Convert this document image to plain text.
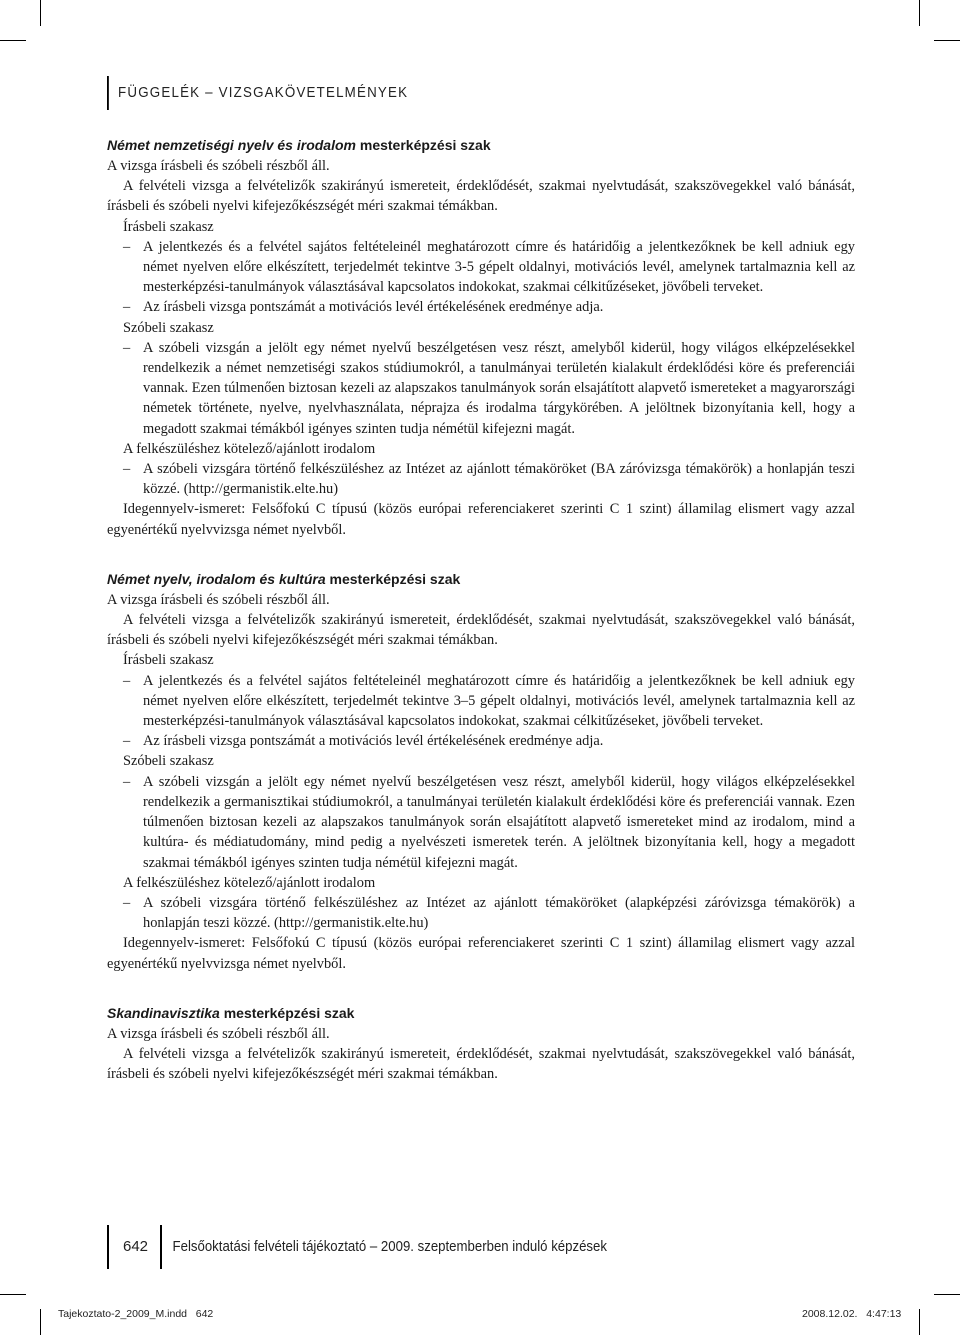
FÜGGELÉK – VIZSGAKÖVETELMÉNYEK
Német nemzetiségi nyelv és irodalom mesterképzési szak

A vizsga írásbeli és szóbeli részből áll.

A felvételi vizsga a felvételizők szakirányú ismereteit, érdeklődését, szakmai nyelvtudását, szakszövegekkel való bánását, írásbeli és szóbeli nyelvi kifejezőkészségét méri szakmai témákban.

Írásbeli szakasz

– A jelentkezés és a felvétel sajátos feltételeinél meghatározott címre és határidőig a jelentkezőknek be kell adniuk egy német nyelven előre elkészített, terjedelmét tekintve 3-5 gépelt oldalnyi, motivációs levél, amelynek tartalmaznia kell az mesterképzési-tanulmányok választásával kapcsolatos indokokat, szakmai célkitűzéseket, jövőbeli terveket.

– Az írásbeli vizsga pontszámát a motivációs levél értékelésének eredménye adja.

Szóbeli szakasz

– A szóbeli vizsgán a jelölt egy német nyelvű beszélgetésen vesz részt, amelyből kiderül, hogy világos elképzelésekkel rendelkezik a német nemzetiségi szakos stúdiumokról, a tanulmányai területén kialakult érdeklődési köre és preferenciái vannak. Ezen túlmenően biztosan kezeli az alapszakos tanulmányok során elsajátított alapvető ismereteket a magyarországi németek története, nyelve, nyelvhasználata, néprajza és irodalma tárgykörében. A jelöltnek bizonyítania kell, hogy a megadott szakmai témákból igényes szinten tudja némétül kifejezni magát.

A felkészüléshez kötelező/ajánlott irodalom

– A szóbeli vizsgára történő felkészüléshez az Intézet az ajánlott témaköröket (BA záróvizsga témakörök) a honlapján teszi közzé. (http://germanistik.elte.hu)

Idegennyelv-ismeret: Felsőfokú C típusú (közös európai referenciakeret szerinti C 1 szint) államilag elismert vagy azzal egyenértékű nyelvvizsga német nyelvből.

Német nyelv, irodalom és kultúra mesterképzési szak

A vizsga írásbeli és szóbeli részből áll.

A felvételi vizsga a felvételizők szakirányú ismereteit, érdeklődését, szakmai nyelvtudását, szakszövegekkel való bánását, írásbeli és szóbeli nyelvi kifejezőkészségét méri szakmai témákban.

Írásbeli szakasz

– A jelentkezés és a felvétel sajátos feltételeinél meghatározott címre és határidőig a jelentkezőknek be kell adniuk egy német nyelven előre elkészített, terjedelmét tekintve 3–5 gépelt oldalnyi, motivációs levél, amelynek tartalmaznia kell az mesterképzési-tanulmányok választásával kapcsolatos indokokat, szakmai célkitűzéseket, jövőbeli terveket.

– Az írásbeli vizsga pontszámát a motivációs levél értékelésének eredménye adja.

Szóbeli szakasz

– A szóbeli vizsgán a jelölt egy német nyelvű beszélgetésen vesz részt, amelyből kiderül, hogy világos elképzelésekkel rendelkezik a germanisztikai stúdiumokról, a tanulmányai területén kialakult érdeklődési köre és preferenciái vannak. Ezen túlmenően biztosan kezeli az alapszakos tanulmányok során elsajátított alapvető ismereteket mind az irodalom, mind a kultúra- és médiatudomány, mind pedig a nyelvészeti ismeretek terén. A jelöltnek bizonyítania kell, hogy a megadott szakmai témákból igényes szinten tudja némétül kifejezni magát.

A felkészüléshez kötelező/ajánlott irodalom

– A szóbeli vizsgára történő felkészüléshez az Intézet az ajánlott témaköröket (alapképzési záróvizsga témakörök) a honlapján teszi közzé. (http://germanistik.elte.hu)

Idegennyelv-ismeret: Felsőfokú C típusú (közös európai referenciakeret szerinti C 1 szint) államilag elismert vagy azzal egyenértékű nyelvvizsga német nyelvből.

Skandinavisztika mesterképzési szak

A vizsga írásbeli és szóbeli részből áll.

A felvételi vizsga a felvételizők szakirányú ismereteit, érdeklődését, szakmai nyelvtudását, szakszövegekkel való bánását, írásbeli és szóbeli nyelvi kifejezőkészségét méri szakmai témákban.

642	Felsőoktatási felvételi tájékoztató – 2009. szeptemberben induló képzések
Tajekoztato-2_2009_M.indd   642	2008.12.02.   4:47:13
